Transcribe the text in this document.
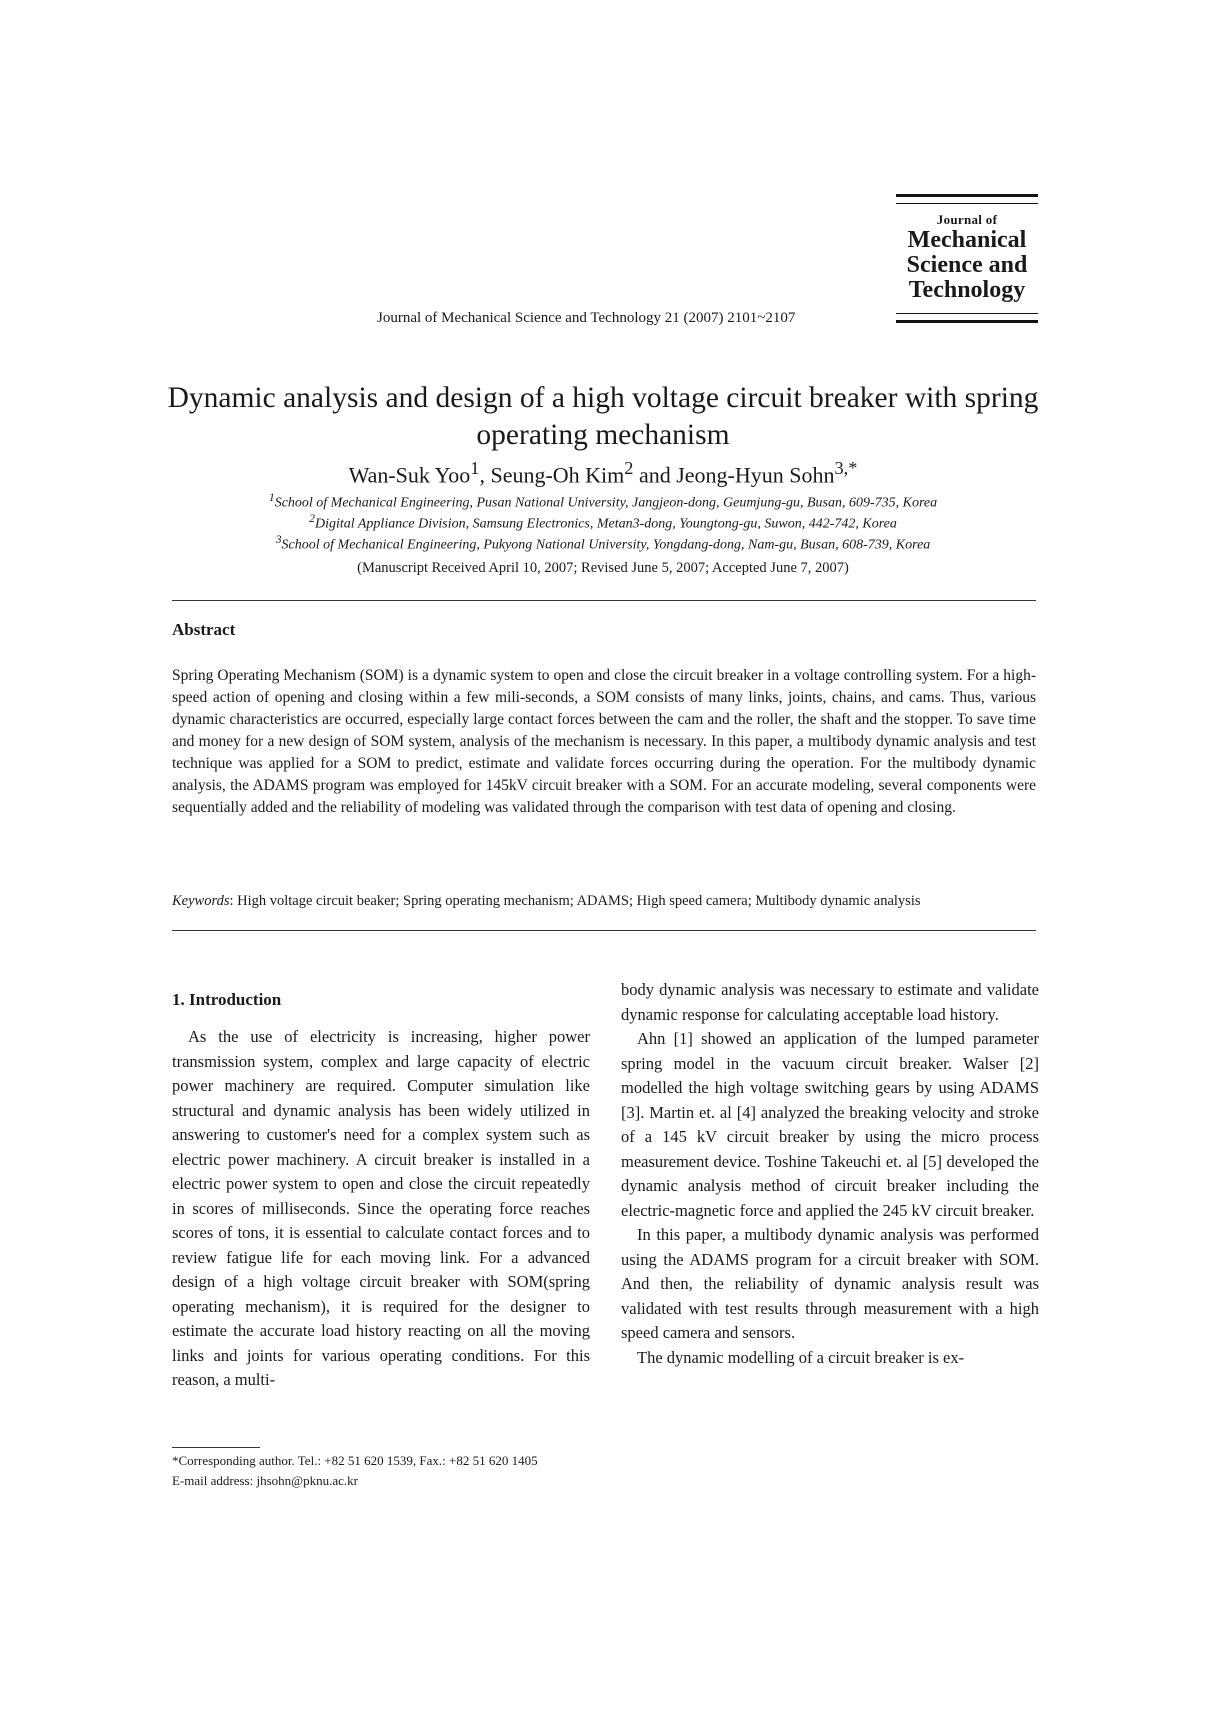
Journal of
Mechanical
Science and
Technology
Journal of Mechanical Science and Technology 21 (2007) 2101~2107
Dynamic analysis and design of a high voltage circuit breaker with spring operating mechanism
Wan-Suk Yoo$^1$, Seung-Oh Kim$^2$ and Jeong-Hyun Sohn$^{3,*}$
$^1$School of Mechanical Engineering, Pusan National University, Jangjeon-dong, Geumjung-gu, Busan, 609-735, Korea
$^2$Digital Appliance Division, Samsung Electronics, Metan3-dong, Youngtong-gu, Suwon, 442-742, Korea
$^3$School of Mechanical Engineering, Pukyong National University, Yongdang-dong, Nam-gu, Busan, 608-739, Korea
(Manuscript Received April 10, 2007; Revised June 5, 2007; Accepted June 7, 2007)
Abstract
Spring Operating Mechanism (SOM) is a dynamic system to open and close the circuit breaker in a voltage controlling system. For a high-speed action of opening and closing within a few mili-seconds, a SOM consists of many links, joints, chains, and cams. Thus, various dynamic characteristics are occurred, especially large contact forces between the cam and the roller, the shaft and the stopper. To save time and money for a new design of SOM system, analysis of the mechanism is necessary. In this paper, a multibody dynamic analysis and test technique was applied for a SOM to predict, estimate and validate forces occurring during the operation. For the multibody dynamic analysis, the ADAMS program was employed for 145kV circuit breaker with a SOM. For an accurate modeling, several components were sequentially added and the reliability of modeling was validated through the comparison with test data of opening and closing.
Keywords: High voltage circuit beaker; Spring operating mechanism; ADAMS; High speed camera; Multibody dynamic analysis
1. Introduction

As the use of electricity is increasing, higher power transmission system, complex and large capacity of electric power machinery are required. Computer simulation like structural and dynamic analysis has been widely utilized in answering to customer's need for a complex system such as electric power machinery. A circuit breaker is installed in a electric power system to open and close the circuit repeatedly in scores of milliseconds. Since the operating force reaches scores of tons, it is essential to calculate contact forces and to review fatigue life for each moving link. For a advanced design of a high voltage circuit breaker with SOM(spring operating mechanism), it is required for the designer to estimate the accurate load history reacting on all the moving links and joints for various operating conditions. For this reason, a multi-

*Corresponding author. Tel.: +82 51 620 1539, Fax.: +82 51 620 1405
E-mail address: jhsohn@pknu.ac.kr

body dynamic analysis was necessary to estimate and validate dynamic response for calculating acceptable load history.

Ahn [1] showed an application of the lumped parameter spring model in the vacuum circuit breaker. Walser [2] modelled the high voltage switching gears by using ADAMS [3]. Martin et. al [4] analyzed the breaking velocity and stroke of a 145 kV circuit breaker by using the micro process measurement device. Toshine Takeuchi et. al [5] developed the dynamic analysis method of circuit breaker including the electric-magnetic force and applied the 245 kV circuit breaker.

In this paper, a multibody dynamic analysis was performed using the ADAMS program for a circuit breaker with SOM. And then, the reliability of dynamic analysis result was validated with test results through measurement with a high speed camera and sensors.

The dynamic modelling of a circuit breaker is ex-
